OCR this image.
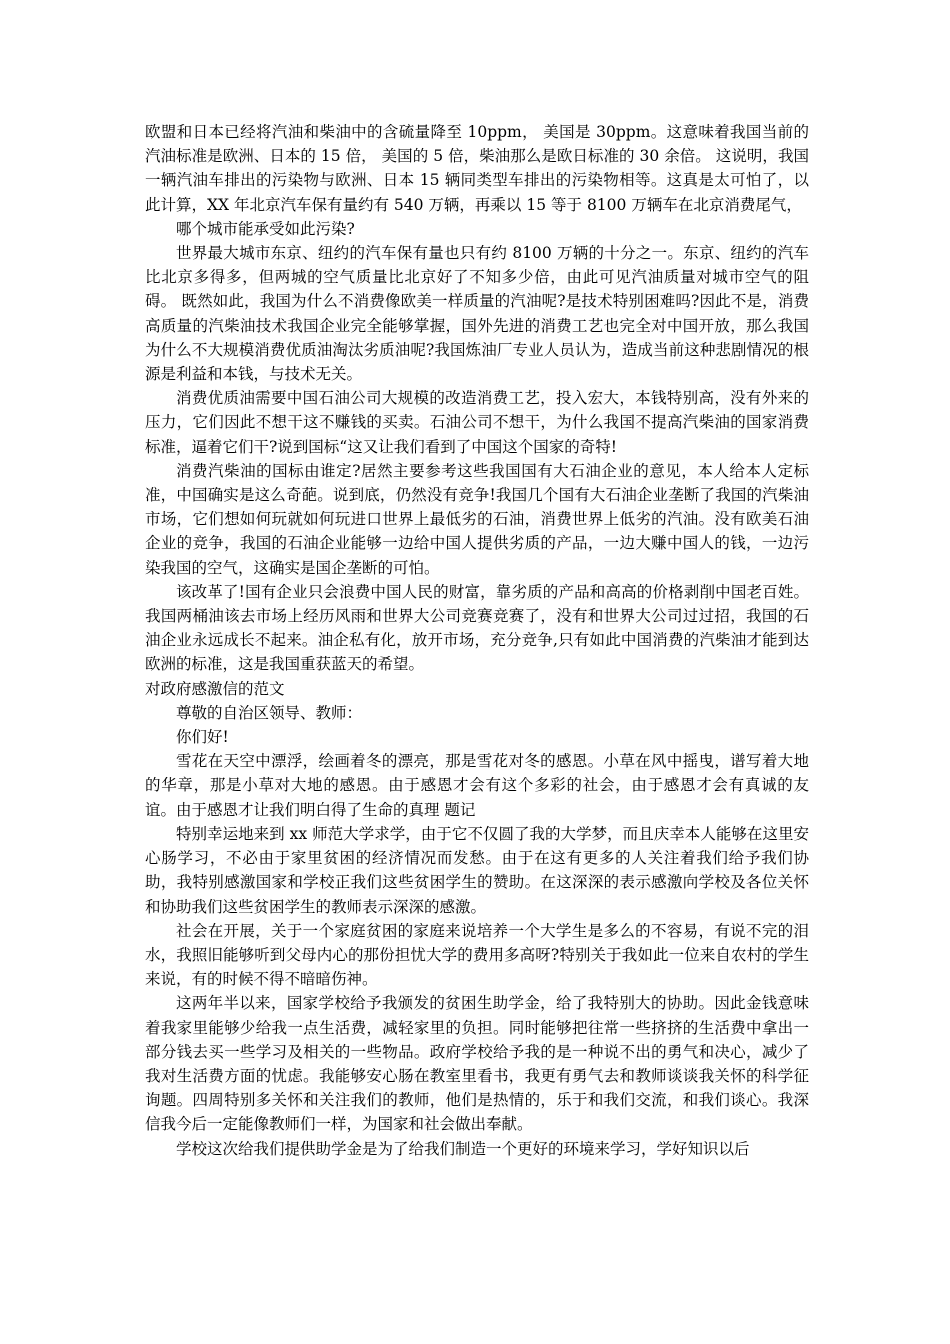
欧盟和日本已经将汽油和柴油中的含硫量降至 10ppm， 美国是 30ppm。这意味着我国当前的汽油标准是欧洲、日本的 15 倍， 美国的 5 倍，柴油那么是欧日标准的 30 余倍。 这说明，我国一辆汽油车排出的污染物与欧洲、日本 15 辆同类型车排出的污染物相等。这真是太可怕了，以此计算，XX 年北京汽车保有量约有 540 万辆，再乘以 15 等于 8100 万辆车在北京消费尾气，

哪个城市能承受如此污染?

世界最大城市东京、纽约的汽车保有量也只有约 8100 万辆的十分之一。东京、纽约的汽车比北京多得多，但两城的空气质量比北京好了不知多少倍，由此可见汽油质量对城市空气的阻碍。 既然如此，我国为什么不消费像欧美一样质量的汽油呢?是技术特别困难吗?因此不是，消费高质量的汽柴油技术我国企业完全能够掌握，国外先进的消费工艺也完全对中国开放，那么我国为什么不大规模消费优质油淘汰劣质油呢?我国炼油厂专业人员认为，造成当前这种悲剧情况的根源是利益和本钱，与技术无关。

消费优质油需要中国石油公司大规模的改造消费工艺，投入宏大，本钱特别高，没有外来的压力，它们因此不想干这不赚钱的买卖。石油公司不想干，为什么我国不提高汽柴油的国家消费标准，逼着它们干?说到国标“这又让我们看到了中国这个国家的奇特!

消费汽柴油的国标由谁定?居然主要参考这些我国国有大石油企业的意见，本人给本人定标准，中国确实是这么奇葩。说到底，仍然没有竞争!我国几个国有大石油企业垄断了我国的汽柴油市场，它们想如何玩就如何玩进口世界上最低劣的石油，消费世界上低劣的汽油。没有欧美石油企业的竞争，我国的石油企业能够一边给中国人提供劣质的产品，一边大赚中国人的钱，一边污染我国的空气，这确实是国企垄断的可怕。

该改革了!国有企业只会浪费中国人民的财富，靠劣质的产品和高高的价格剥削中国老百姓。我国两桶油该去市场上经历风雨和世界大公司竞赛竞赛了，没有和世界大公司过过招，我国的石油企业永远成长不起来。油企私有化，放开市场，充分竞争,只有如此中国消费的汽柴油才能到达欧洲的标准，这是我国重获蓝天的希望。

对政府感激信的范文

尊敬的自治区领导、教师：

你们好!

雪花在天空中漂浮，绘画着冬的漂亮，那是雪花对冬的感恩。小草在风中摇曳，谱写着大地的华章，那是小草对大地的感恩。由于感恩才会有这个多彩的社会，由于感恩才会有真诚的友谊。由于感恩才让我们明白得了生命的真理 题记

特别幸运地来到 xx 师范大学求学，由于它不仅圆了我的大学梦，而且庆幸本人能够在这里安心肠学习，不必由于家里贫困的经济情况而发愁。由于在这有更多的人关注着我们给予我们协助，我特别感激国家和学校正我们这些贫困学生的赞助。在这深深的表示感激向学校及各位关怀和协助我们这些贫困学生的教师表示深深的感激。

社会在开展，关于一个家庭贫困的家庭来说培养一个大学生是多么的不容易，有说不完的泪水，我照旧能够听到父母内心的那份担忧大学的费用多高呀?特别关于我如此一位来自农村的学生来说，有的时候不得不暗暗伤神。

这两年半以来，国家学校给予我颁发的贫困生助学金，给了我特别大的协助。因此金钱意味着我家里能够少给我一点生活费，减轻家里的负担。同时能够把往常一些挤挤的生活费中拿出一部分钱去买一些学习及相关的一些物品。政府学校给予我的是一种说不出的勇气和决心，减少了我对生活费方面的忧虑。我能够安心肠在教室里看书，我更有勇气去和教师谈谈我关怀的科学征询题。四周特别多关怀和关注我们的教师，他们是热情的，乐于和我们交流，和我们谈心。我深信我今后一定能像教师们一样，为国家和社会做出奉献。

学校这次给我们提供助学金是为了给我们制造一个更好的环境来学习，学好知识以后
